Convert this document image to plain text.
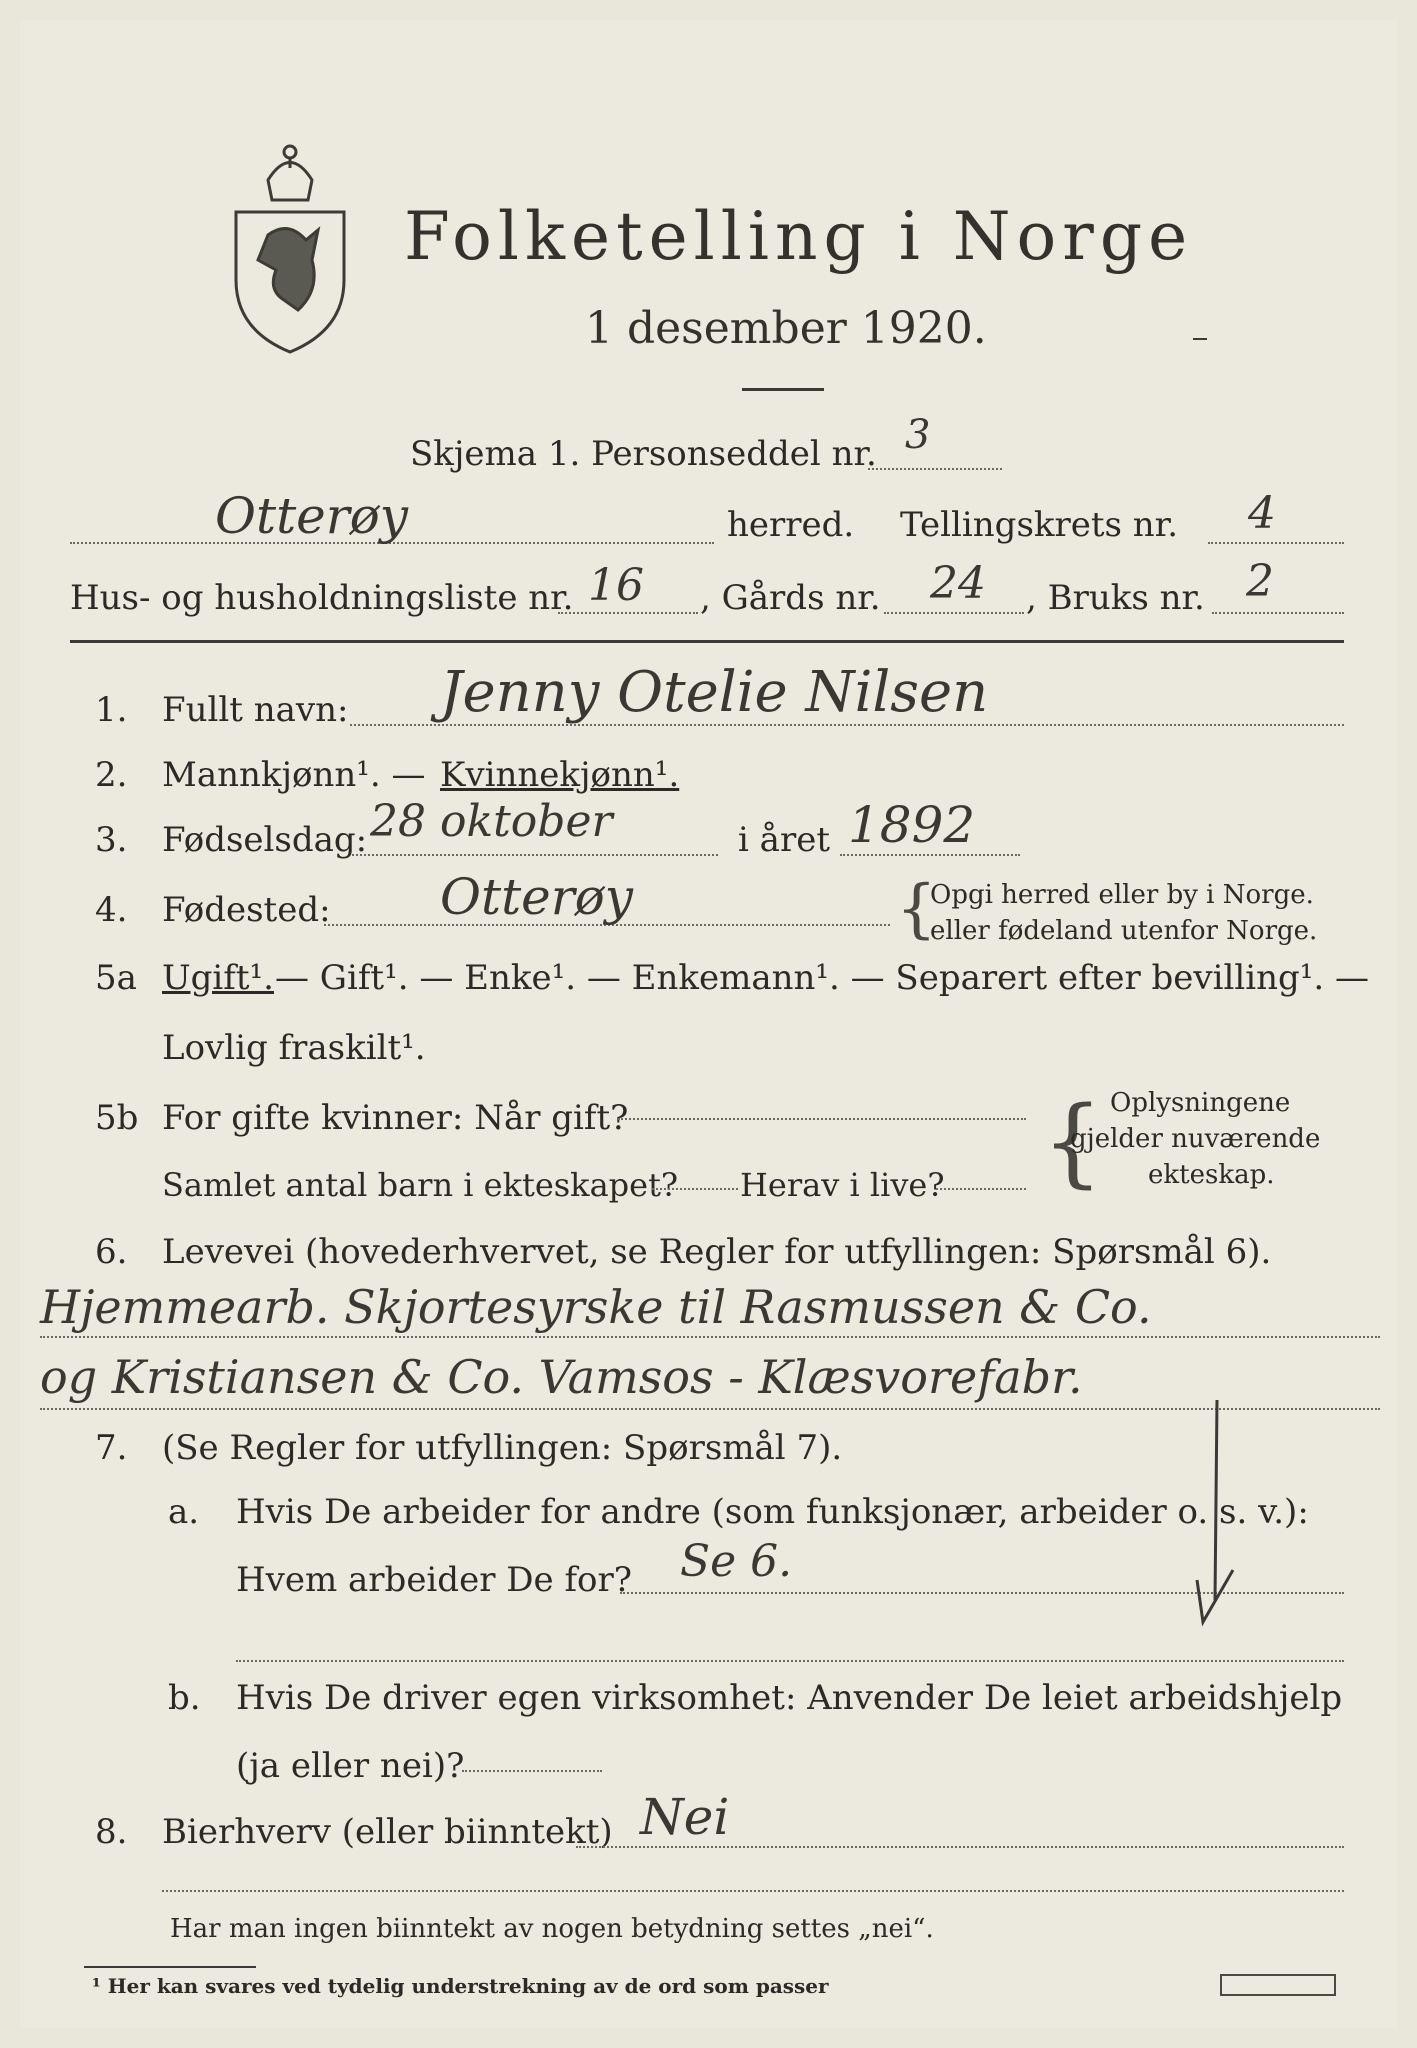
Folketelling i Norge
1 desember 1920.
Skjema 1. Personseddel nr. 3
Otterøy	herred. Tellingskrets nr. 4
Hus- og husholdningsliste nr. 16 , Gårds nr. 24 , Bruks nr. 2
1. Fullt navn: Jenny Otelie Nilsen
2. Mannkjønn¹. — Kvinnekjønn¹.
3. Fødselsdag: 28 oktober	i året 1892
4. Fødested: Otterøy	{
Opgi herred eller by i Norge.
eller fødeland utenfor Norge.
5a Ugift¹. — Gift¹. — Enke¹. — Enkemann¹. — Separert efter bevilling¹. —
Lovlig fraskilt¹.
5b For gifte kvinner: Når gift?
Samlet antal barn i ekteskapet? Herav i live? { Oplysningene
gjelder nuværende
ekteskap.
6. Levevei (hovederhvervet, se Regler for utfyllingen: Spørsmål 6).
Hjemmearb. Skjortesyrske til Rasmussen & Co.
og Kristiansen & Co. Vamsos - Klæsvorefabr.
7. (Se Regler for utfyllingen: Spørsmål 7).
a. Hvis De arbeider for andre (som funksjonær, arbeider o. s. v.):
Hvem arbeider De for? Se 6.
b. Hvis De driver egen virksomhet: Anvender De leiet arbeidshjelp
(ja eller nei)?
8. Bierhverv (eller biinntekt) Nei
Har man ingen biinntekt av nogen betydning settes „nei“.
¹ Her kan svares ved tydelig understrekning av de ord som passer
